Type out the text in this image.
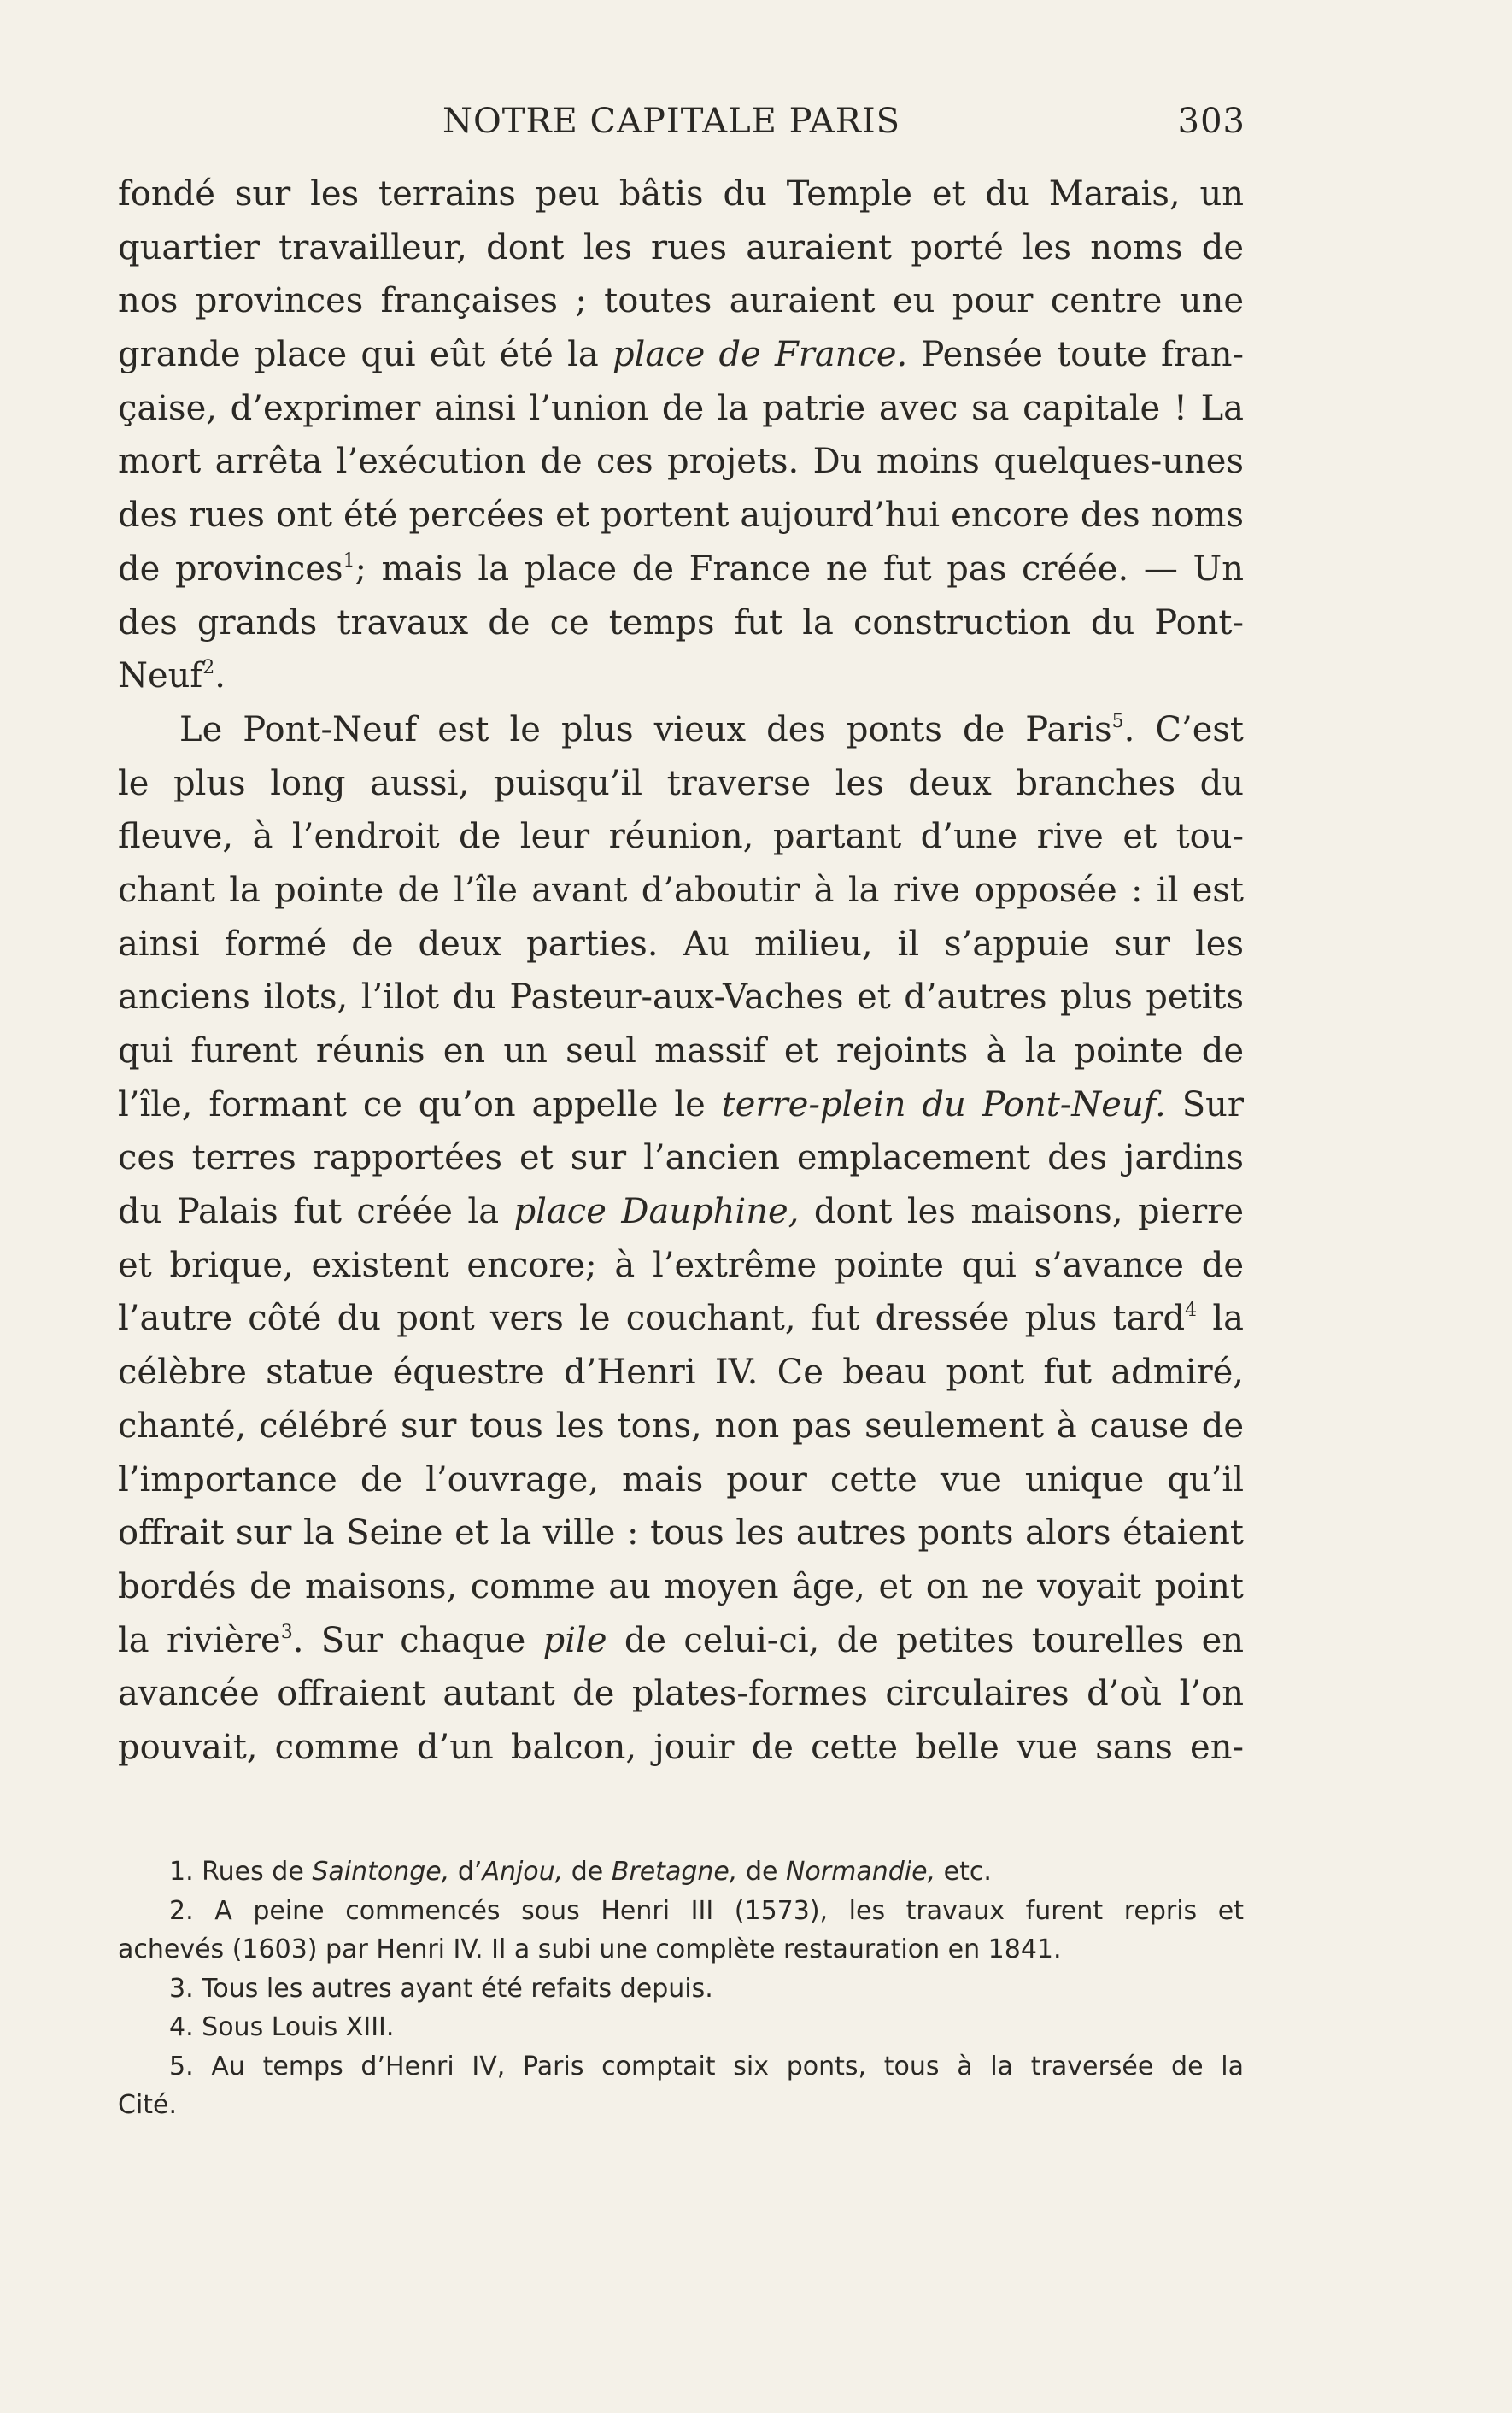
NOTRE CAPITALE PARIS	303
fondé sur les terrains peu bâtis du Temple et du Marais, un
quartier travailleur, dont les rues auraient porté les noms de
nos provinces françaises ; toutes auraient eu pour centre une
grande place qui eût été la place de France. Pensée toute fran-
çaise, d’exprimer ainsi l’union de la patrie avec sa capitale ! La
mort arrêta l’exécution de ces projets. Du moins quelques-unes
des rues ont été percées et portent aujourd’hui encore des noms
de provinces$^1$; mais la place de France ne fut pas créée. — Un
des grands travaux de ce temps fut la construction du Pont-
Neuf$^2$.
Le Pont-Neuf est le plus vieux des ponts de Paris$^5$. C’est
le plus long aussi, puisqu’il traverse les deux branches du
fleuve, à l’endroit de leur réunion, partant d’une rive et tou-
chant la pointe de l’île avant d’aboutir à la rive opposée : il est
ainsi formé de deux parties. Au milieu, il s’appuie sur les
anciens ilots, l’ilot du Pasteur-aux-Vaches et d’autres plus petits
qui furent réunis en un seul massif et rejoints à la pointe de
l’île, formant ce qu’on appelle le terre-plein du Pont-Neuf. Sur
ces terres rapportées et sur l’ancien emplacement des jardins
du Palais fut créée la place Dauphine, dont les maisons, pierre
et brique, existent encore; à l’extrême pointe qui s’avance de
l’autre côté du pont vers le couchant, fut dressée plus tard$^4$ la
célèbre statue équestre d’Henri IV. Ce beau pont fut admiré,
chanté, célébré sur tous les tons, non pas seulement à cause de
l’importance de l’ouvrage, mais pour cette vue unique qu’il
offrait sur la Seine et la ville : tous les autres ponts alors étaient
bordés de maisons, comme au moyen âge, et on ne voyait point
la rivière$^3$. Sur chaque pile de celui-ci, de petites tourelles en
avancée offraient autant de plates-formes circulaires d’où l’on
pouvait, comme d’un balcon, jouir de cette belle vue sans en-
1. Rues de Saintonge, d’Anjou, de Bretagne, de Normandie, etc.
2. A peine commencés sous Henri III (1573), les travaux furent repris et
achevés (1603) par Henri IV. Il a subi une complète restauration en 1841.
3. Tous les autres ayant été refaits depuis.
4. Sous Louis XIII.
5. Au temps d’Henri IV, Paris comptait six ponts, tous à la traversée de la
Cité.
